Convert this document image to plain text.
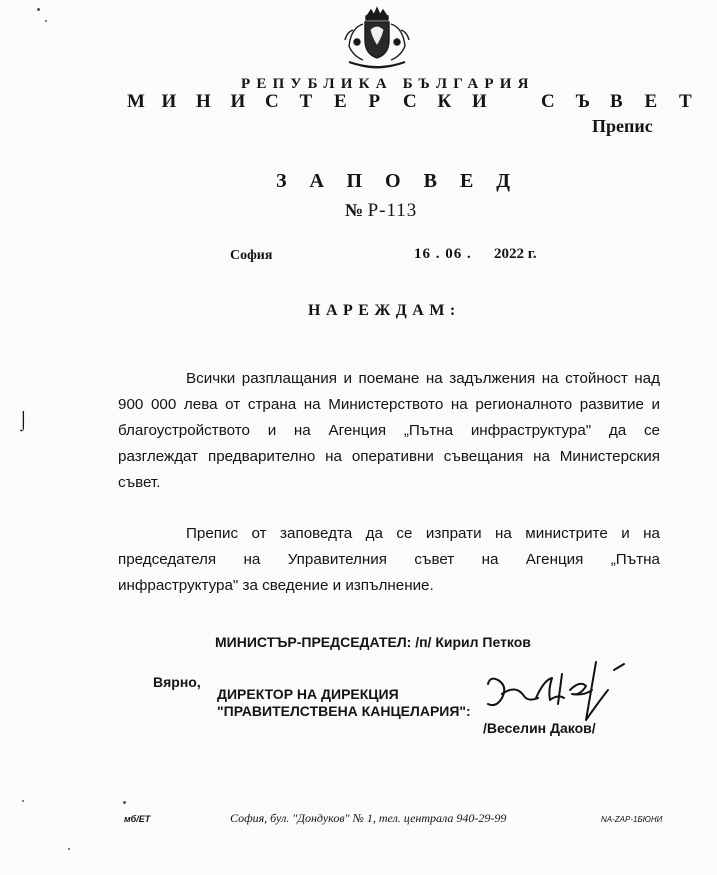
РЕПУБЛИКА БЪЛГАРИЯ
М И Н И С Т Е Р С К И	С Ъ В Е Т
Препис
ЗАПОВЕД
№ Р-113
София	16 . 06 . 2022 г.
НАРЕЖДАМ:
Всички разплащания и поемане на задължения на стойност над
900 000 лева от страна на Министерството на регионалното развитие и
благоустройството и на Агенция „Пътна инфраструктура" да се
разглеждат предварително на оперативни съвещания на Министерския
съвет.
Препис от заповедта да се изпрати на министрите и на
председателя на Управителния съвет на Агенция „Пътна
инфраструктура" за сведение и изпълнение.
МИНИСТЪР-ПРЕДСЕДАТЕЛ: /п/ Кирил Петков
Вярно,
ДИРЕКТОР НА ДИРЕКЦИЯ
"ПРАВИТЕЛСТВЕНА КАНЦЕЛАРИЯ":
/Веселин Даков/
мб/ЕТ	София, бул. "Дондуков" № 1, тел. централа 940-29-99	NA-ZAP-1БЮНИ
⌡
